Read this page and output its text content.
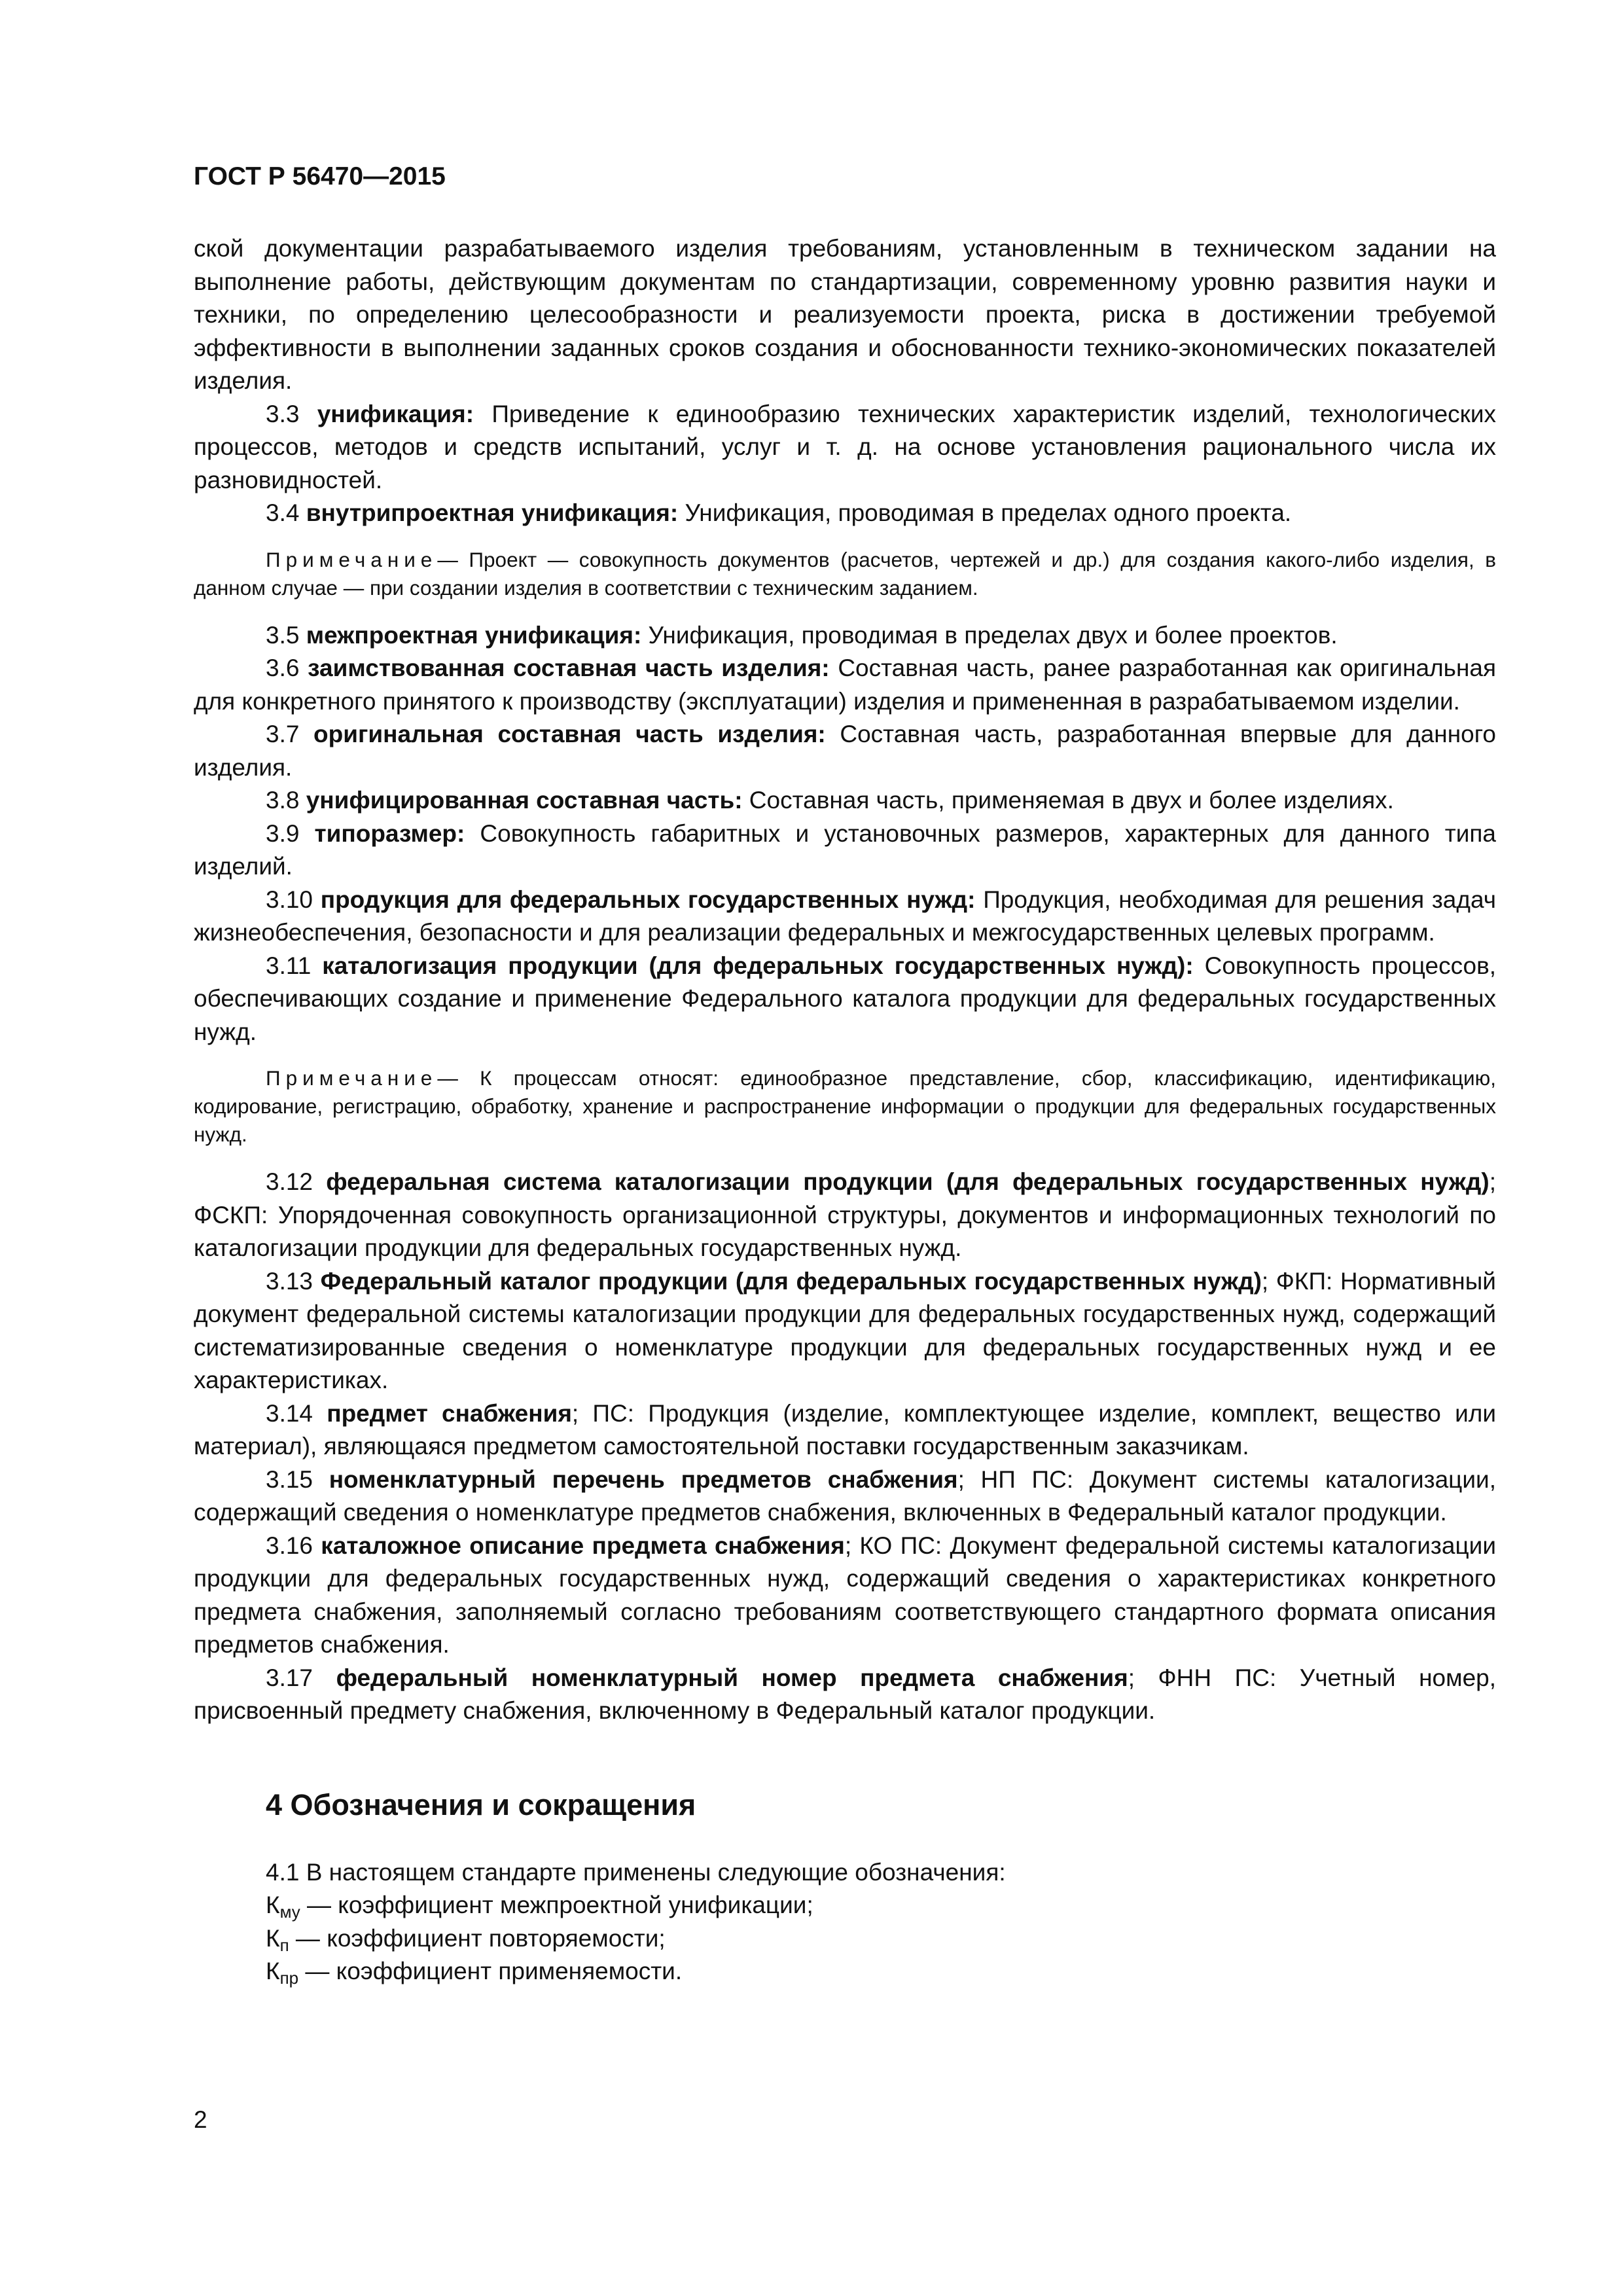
ГОСТ Р 56470—2015

ской документации разрабатываемого изделия требованиям, установленным в техническом задании на выполнение работы, действующим документам по стандартизации, современному уровню развития науки и техники, по определению целесообразности и реализуемости проекта, риска в достижении требуемой эффективности в выполнении заданных сроков создания и обоснованности технико-экономических показателей изделия.

3.3 унификация: Приведение к единообразию технических характеристик изделий, технологических процессов, методов и средств испытаний, услуг и т. д. на основе установления рационального числа их разновидностей.

3.4 внутрипроектная унификация: Унификация, проводимая в пределах одного проекта.

Примечание— Проект — совокупность документов (расчетов, чертежей и др.) для создания какого-либо изделия, в данном случае — при создании изделия в соответствии с техническим заданием.

3.5 межпроектная унификация: Унификация, проводимая в пределах двух и более проектов.

3.6 заимствованная составная часть изделия: Составная часть, ранее разработанная как оригинальная для конкретного принятого к производству (эксплуатации) изделия и примененная в разрабатываемом изделии.

3.7 оригинальная составная часть изделия: Составная часть, разработанная впервые для данного изделия.

3.8 унифицированная составная часть: Составная часть, применяемая в двух и более изделиях.

3.9 типоразмер: Совокупность габаритных и установочных размеров, характерных для данного типа изделий.

3.10 продукция для федеральных государственных нужд: Продукция, необходимая для решения задач жизнеобеспечения, безопасности и для реализации федеральных и межгосударственных целевых программ.

3.11 каталогизация продукции (для федеральных государственных нужд): Совокупность процессов, обеспечивающих создание и применение Федерального каталога продукции для федеральных государственных нужд.

Примечание— К процессам относят: единообразное представление, сбор, классификацию, идентификацию, кодирование, регистрацию, обработку, хранение и распространение информации о продукции для федеральных государственных нужд.

3.12 федеральная система каталогизации продукции (для федеральных государственных нужд); ФСКП: Упорядоченная совокупность организационной структуры, документов и информационных технологий по каталогизации продукции для федеральных государственных нужд.

3.13 Федеральный каталог продукции (для федеральных государственных нужд); ФКП: Нормативный документ федеральной системы каталогизации продукции для федеральных государственных нужд, содержащий систематизированные сведения о номенклатуре продукции для федеральных государственных нужд и ее характеристиках.

3.14 предмет снабжения; ПС: Продукция (изделие, комплектующее изделие, комплект, вещество или материал), являющаяся предметом самостоятельной поставки государственным заказчикам.

3.15 номенклатурный перечень предметов снабжения; НП ПС: Документ системы каталогизации, содержащий сведения о номенклатуре предметов снабжения, включенных в Федеральный каталог продукции.

3.16 каталожное описание предмета снабжения; КО ПС: Документ федеральной системы каталогизации продукции для федеральных государственных нужд, содержащий сведения о характеристиках конкретного предмета снабжения, заполняемый согласно требованиям соответствующего стандартного формата описания предметов снабжения.

3.17 федеральный номенклатурный номер предмета снабжения; ФНН ПС: Учетный номер, присвоенный предмету снабжения, включенному в Федеральный каталог продукции.

4 Обозначения и сокращения

4.1 В настоящем стандарте применены следующие обозначения:

$К_{му}$ — коэффициент межпроектной унификации;

$К_п$ — коэффициент повторяемости;

$К_{пр}$ — коэффициент применяемости.

2
